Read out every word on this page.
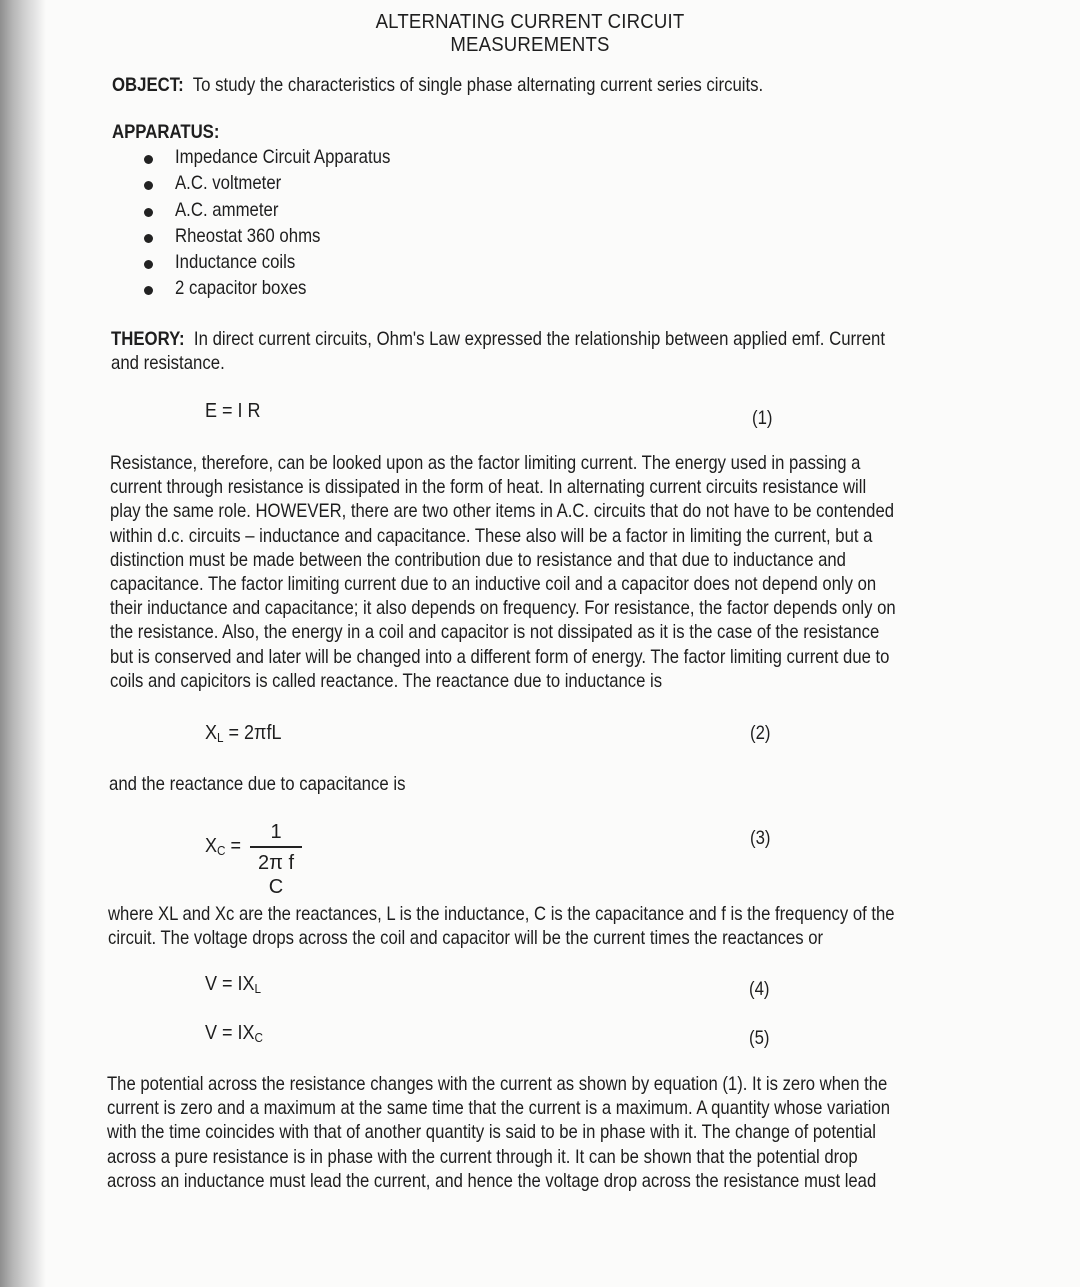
ALTERNATING CURRENT CIRCUIT MEASUREMENTS
OBJECT: To study the characteristics of single phase alternating current series circuits.
APPARATUS:
Impedance Circuit Apparatus
A.C. voltmeter
A.C. ammeter
Rheostat 360 ohms
Inductance coils
2 capacitor boxes
THEORY: In direct current circuits, Ohm's Law expressed the relationship between applied emf. Current
and resistance.
E = I R	(1)
Resistance, therefore, can be looked upon as the factor limiting current. The energy used in passing a
current through resistance is dissipated in the form of heat. In alternating current circuits resistance will
play the same role. HOWEVER, there are two other items in A.C. circuits that do not have to be contended
within d.c. circuits – inductance and capacitance. These also will be a factor in limiting the current, but a
distinction must be made between the contribution due to resistance and that due to inductance and
capacitance. The factor limiting current due to an inductive coil and a capacitor does not depend only on
their inductance and capacitance; it also depends on frequency. For resistance, the factor depends only on
the resistance. Also, the energy in a coil and capacitor is not dissipated as it is the case of the resistance
but is conserved and later will be changed into a different form of energy. The factor limiting current due to
coils and capicitors is called reactance. The reactance due to inductance is
$X_L = 2\pi fL$	(2)
and the reactance due to capacitance is
$X_C$ =
1
2π f C
(3)
where XL and Xc are the reactances, L is the inductance, C is the capacitance and f is the frequency of the
circuit. The voltage drops across the coil and capacitor will be the current times the reactances or
$V = IX_L$	(4)
$V = IX_C$	(5)
The potential across the resistance changes with the current as shown by equation (1). It is zero when the
current is zero and a maximum at the same time that the current is a maximum. A quantity whose variation
with the time coincides with that of another quantity is said to be in phase with it. The change of potential
across a pure resistance is in phase with the current through it. It can be shown that the potential drop
across an inductance must lead the current, and hence the voltage drop across the resistance must lead
